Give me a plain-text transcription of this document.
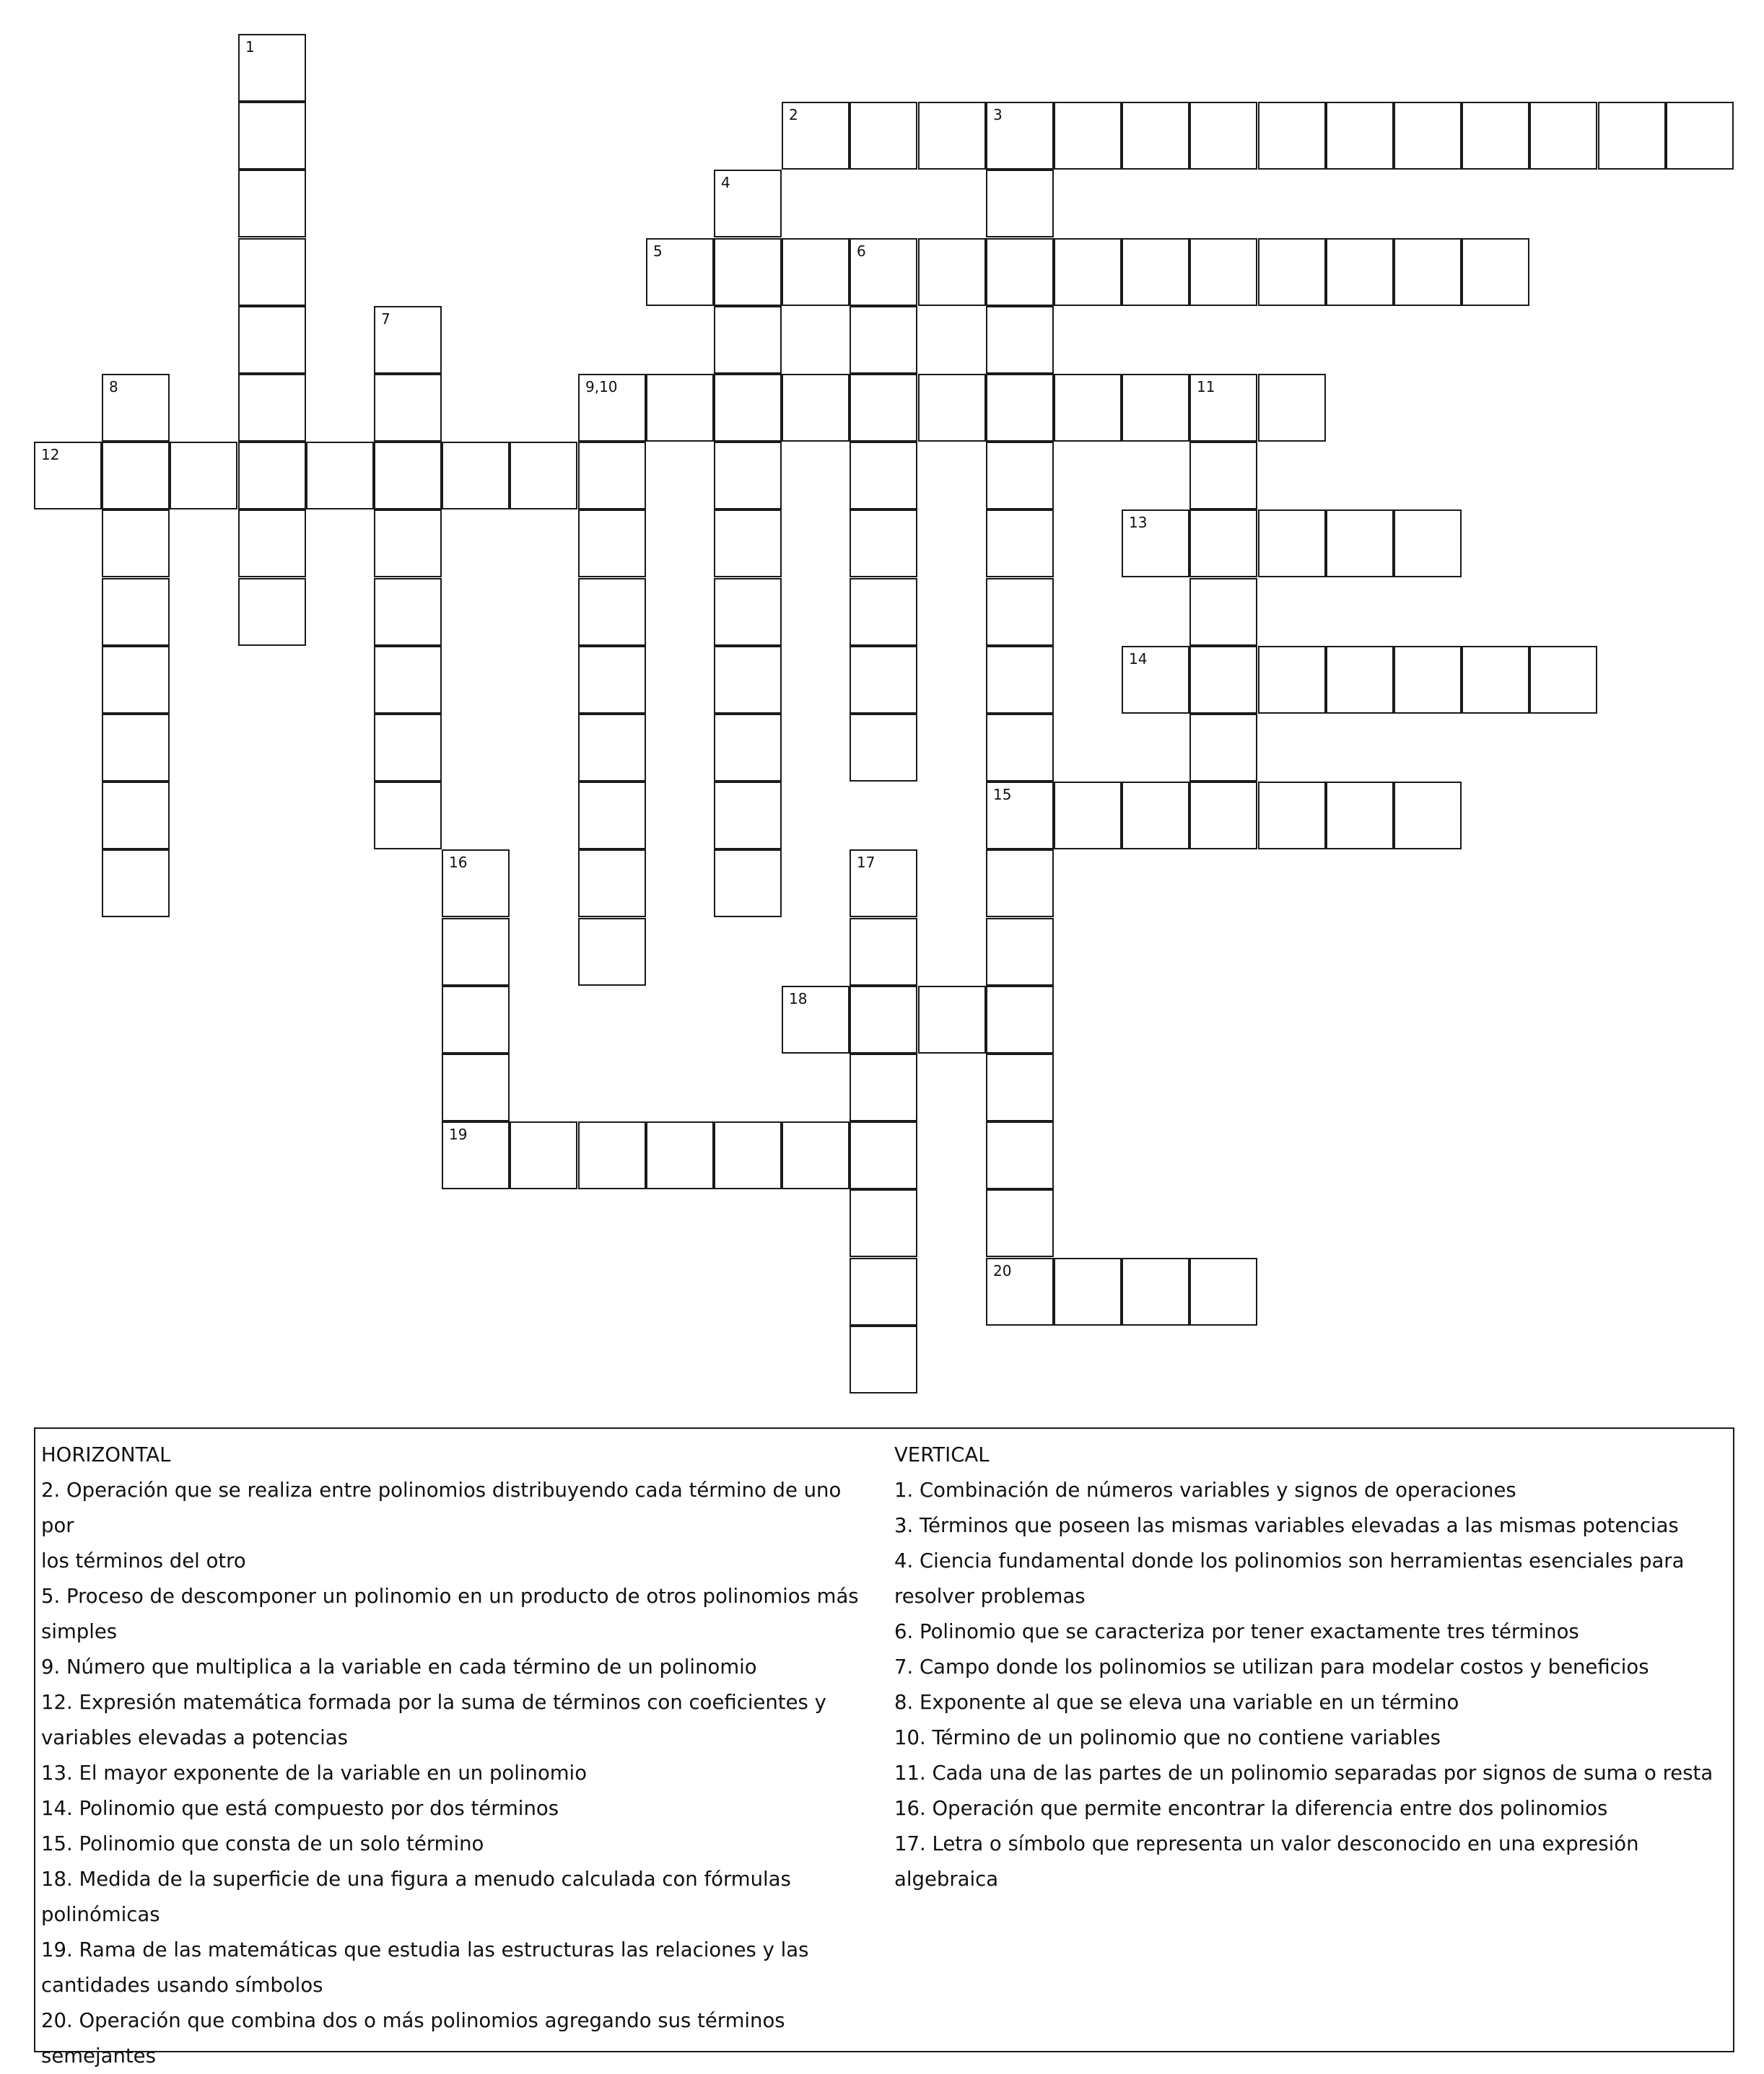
1
2	3
4
5	6
7
8	9,10	11
12
13
14
15
16	17
18
19
20
HORIZONTAL
2. Operación que se realiza entre polinomios distribuyendo cada término de uno por
los términos del otro
5. Proceso de descomponer un polinomio en un producto de otros polinomios más
simples
9. Número que multiplica a la variable en cada término de un polinomio
12. Expresión matemática formada por la suma de términos con coeficientes y
variables elevadas a potencias
13. El mayor exponente de la variable en un polinomio
14. Polinomio que está compuesto por dos términos
15. Polinomio que consta de un solo término
18. Medida de la superficie de una figura a menudo calculada con fórmulas
polinómicas
19. Rama de las matemáticas que estudia las estructuras las relaciones y las
cantidades usando símbolos
20. Operación que combina dos o más polinomios agregando sus términos semejantes
VERTICAL
1. Combinación de números variables y signos de operaciones
3. Términos que poseen las mismas variables elevadas a las mismas potencias
4. Ciencia fundamental donde los polinomios son herramientas esenciales para
resolver problemas
6. Polinomio que se caracteriza por tener exactamente tres términos
7. Campo donde los polinomios se utilizan para modelar costos y beneficios
8. Exponente al que se eleva una variable en un término
10. Término de un polinomio que no contiene variables
11. Cada una de las partes de un polinomio separadas por signos de suma o resta
16. Operación que permite encontrar la diferencia entre dos polinomios
17. Letra o símbolo que representa un valor desconocido en una expresión algebraica
